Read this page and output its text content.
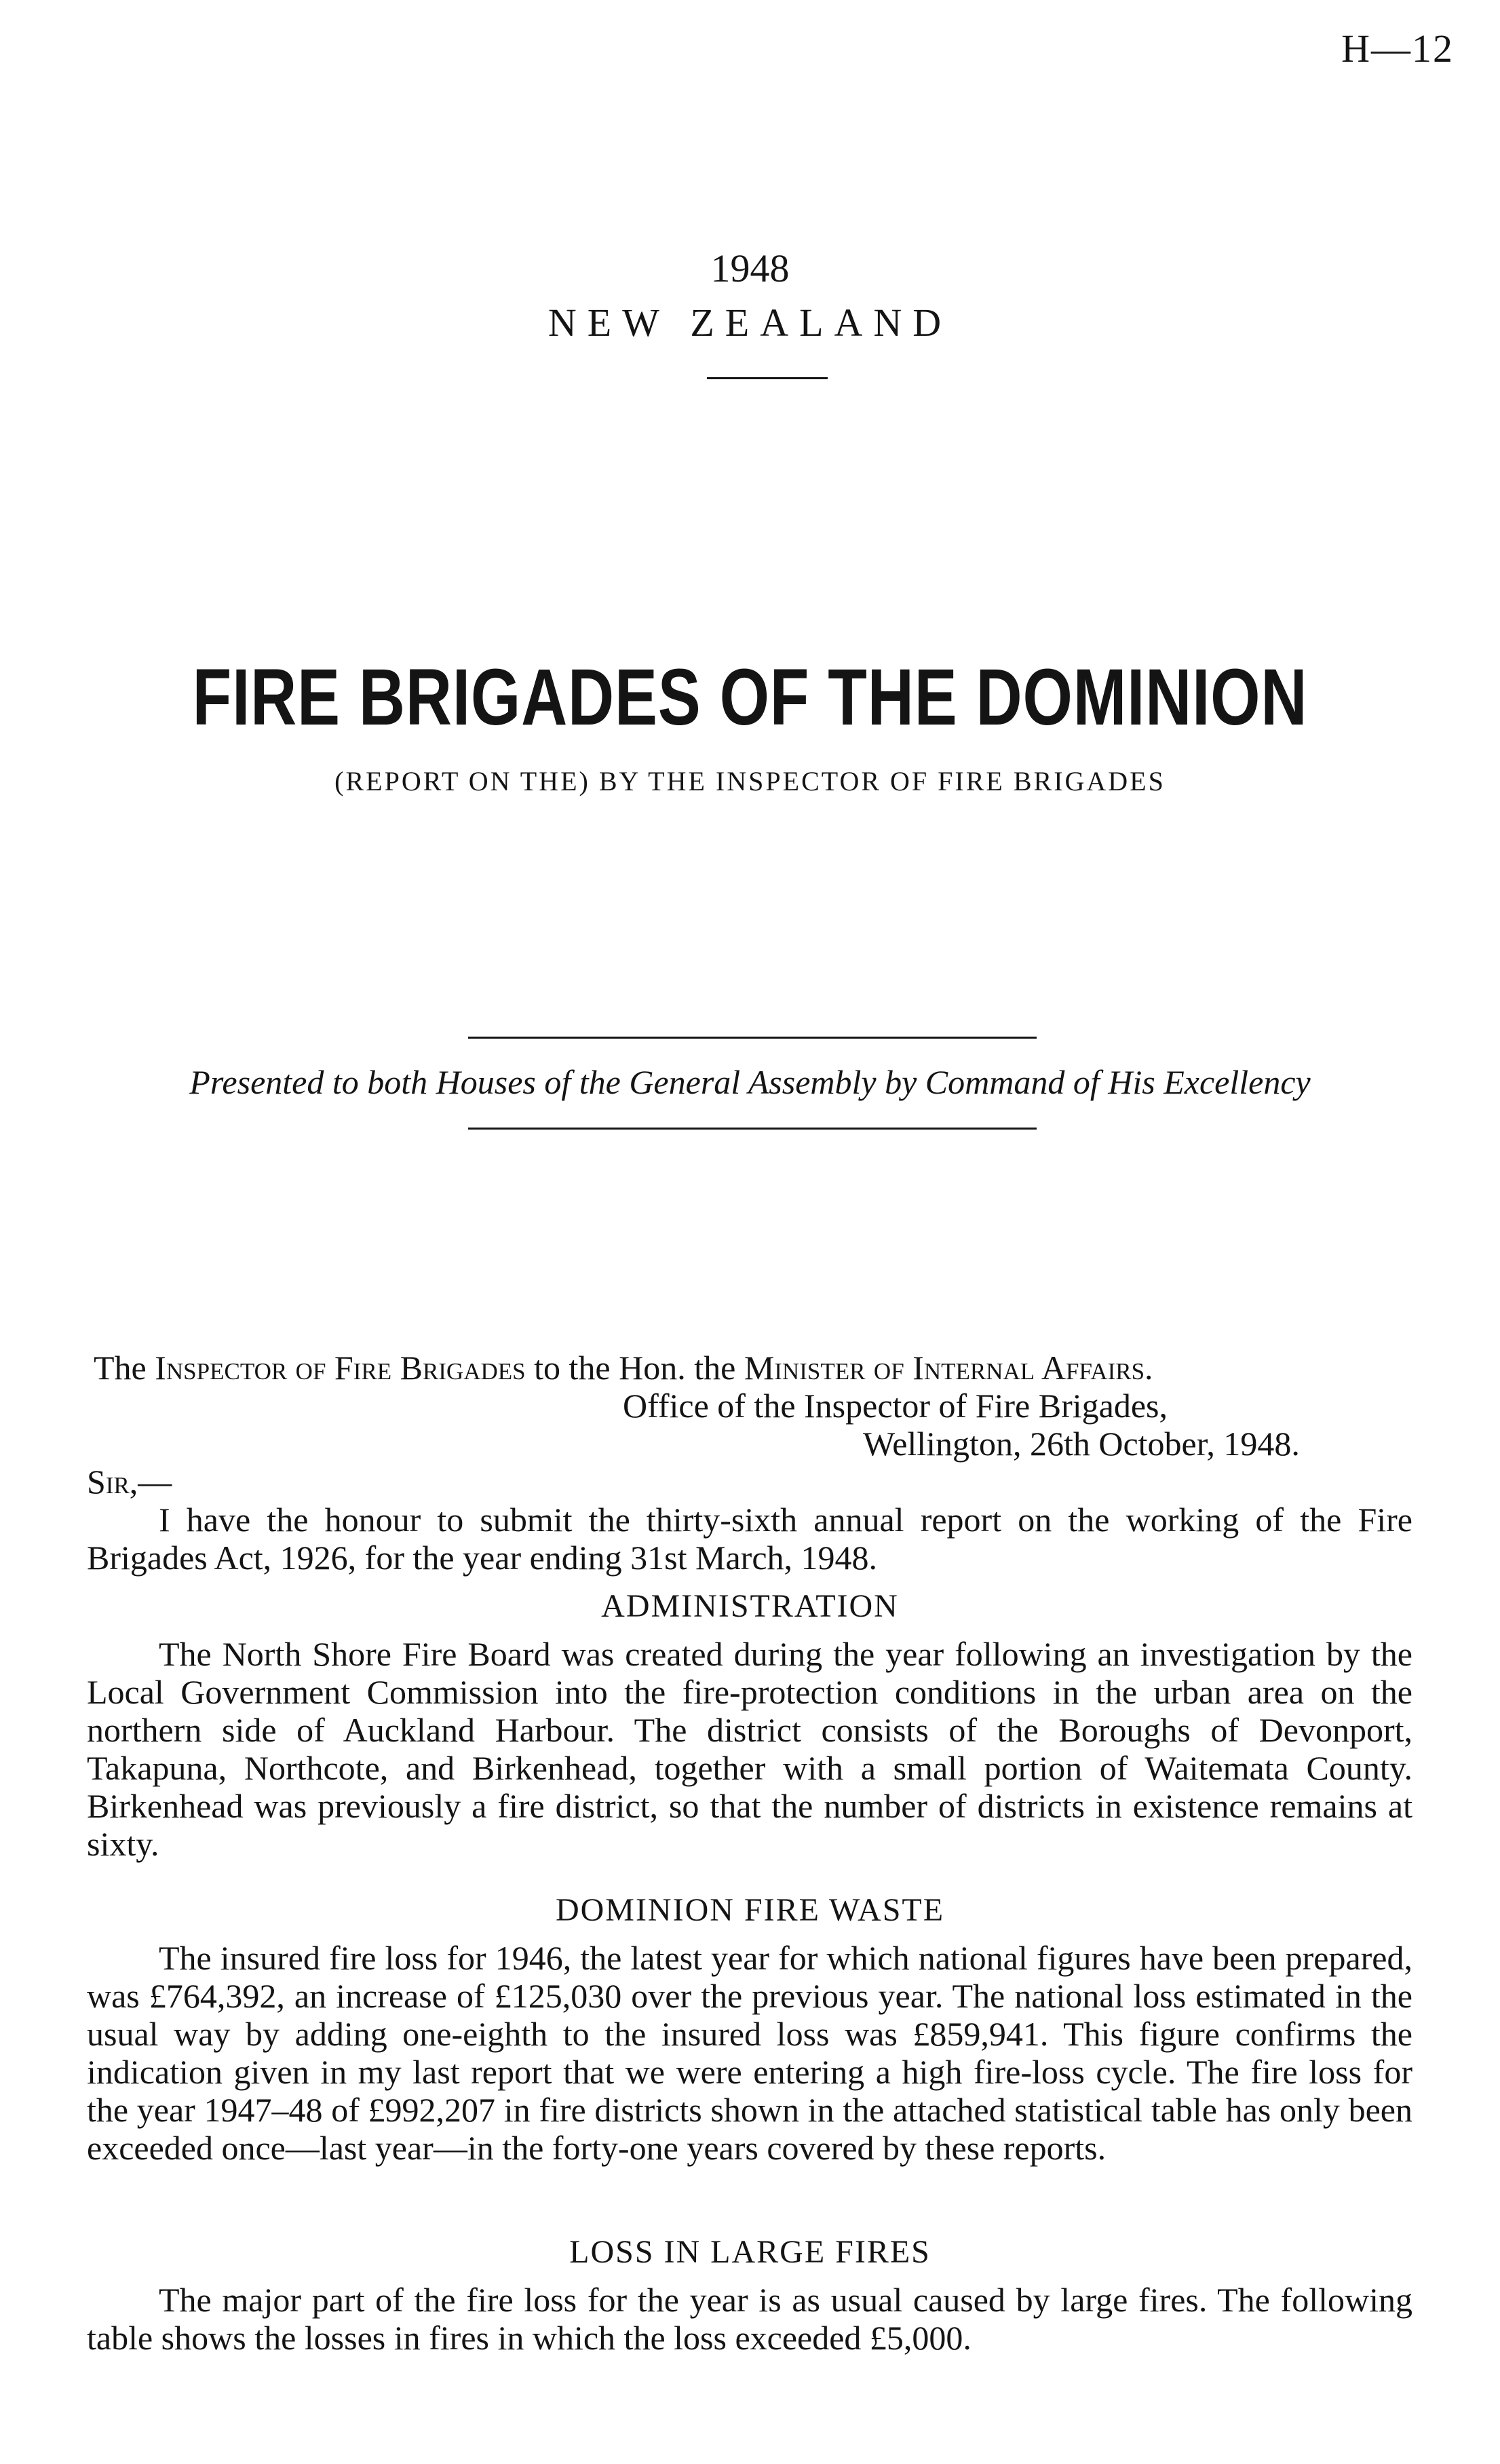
H—12
1948
NEW ZEALAND
FIRE BRIGADES OF THE DOMINION
(REPORT ON THE) BY THE INSPECTOR OF FIRE BRIGADES
Presented to both Houses of the General Assembly by Command of His Excellency
The Inspector of Fire Brigades to the Hon. the Minister of Internal Affairs.
Office of the Inspector of Fire Brigades,
Wellington, 26th October, 1948.
Sir,—
I have the honour to submit the thirty-sixth annual report on the working of the Fire Brigades Act, 1926, for the year ending 31st March, 1948.
ADMINISTRATION
The North Shore Fire Board was created during the year following an investigation by the Local Government Commission into the fire-protection conditions in the urban area on the northern side of Auckland Harbour. The district consists of the Boroughs of Devonport, Takapuna, Northcote, and Birkenhead, together with a small portion of Waitemata County. Birkenhead was previously a fire district, so that the number of districts in existence remains at sixty.
DOMINION FIRE WASTE
The insured fire loss for 1946, the latest year for which national figures have been prepared, was £764,392, an increase of £125,030 over the previous year. The national loss estimated in the usual way by adding one-eighth to the insured loss was £859,941. This figure confirms the indication given in my last report that we were entering a high fire-loss cycle. The fire loss for the year 1947–48 of £992,207 in fire districts shown in the attached statistical table has only been exceeded once—last year—in the forty-one years covered by these reports.
LOSS IN LARGE FIRES
The major part of the fire loss for the year is as usual caused by large fires. The following table shows the losses in fires in which the loss exceeded £5,000.
